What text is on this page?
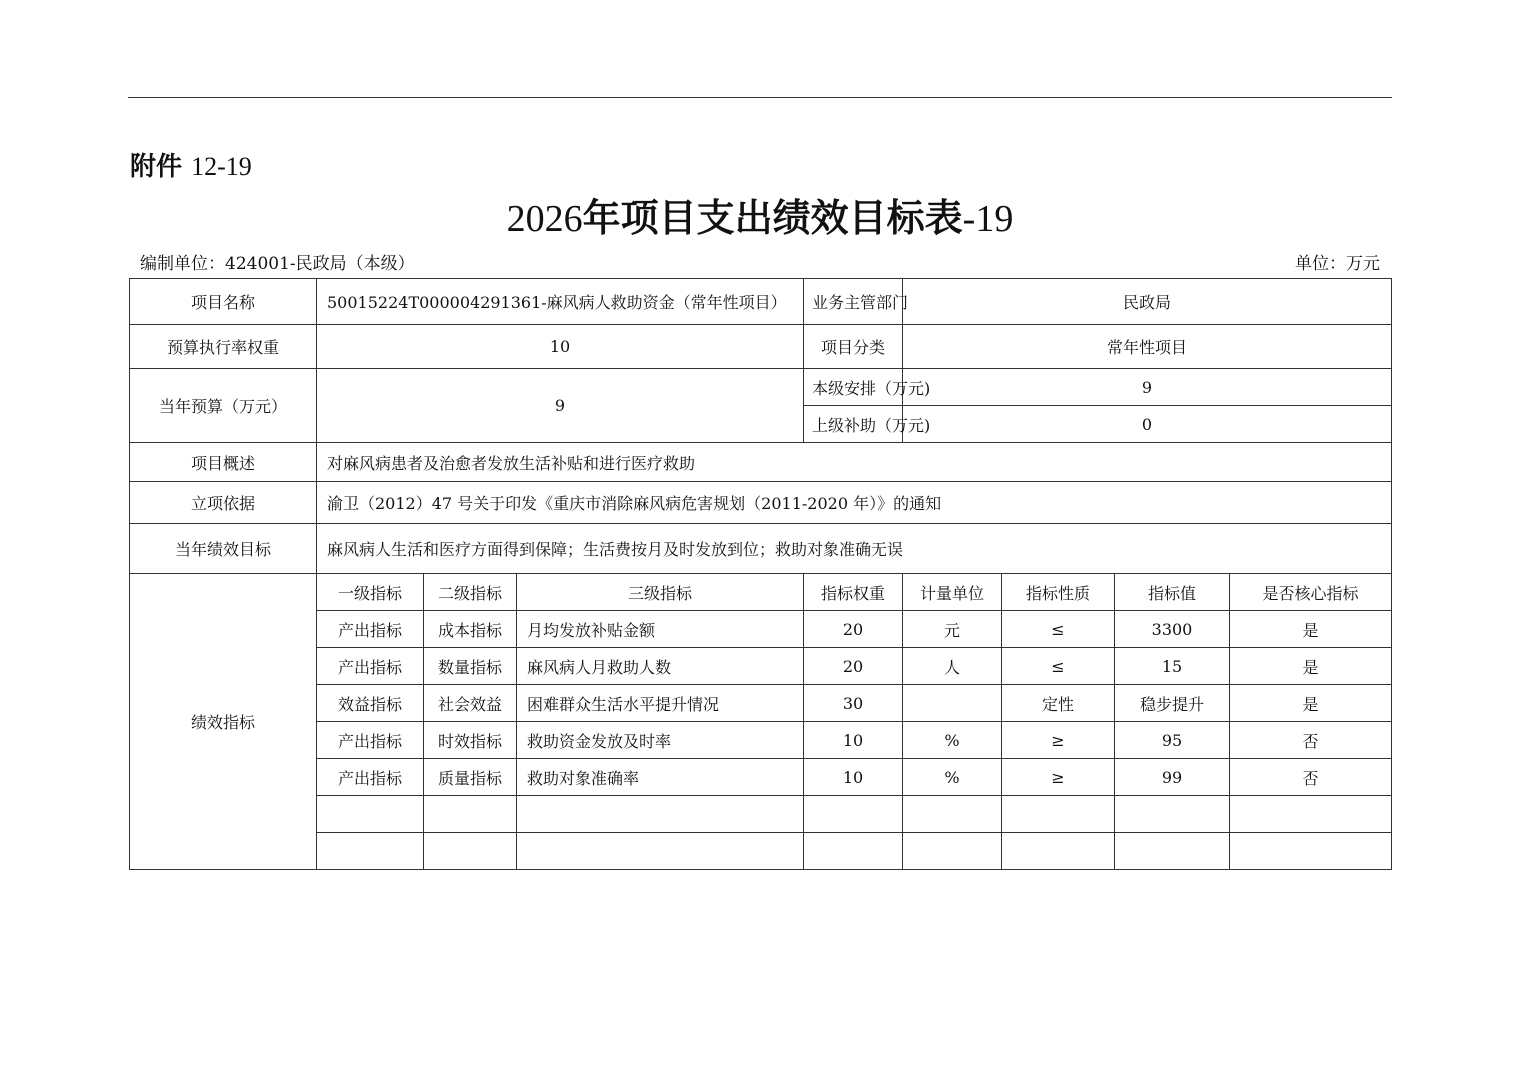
附件 12-19
2026年项目支出绩效目标表-19
编制单位：424001-民政局（本级）	单位：万元
项目名称	50015224T000004291361-麻风病人救助资金（常年性项目）			业务主管部门	民政局			
预算执行率权重	10			项目分类	常年性项目			
当年预算（万元）	9			本级安排（万元)	9			
				上级补助（万元)	0			
项目概述	对麻风病患者及治愈者发放生活补贴和进行医疗救助							
立项依据	渝卫（2012）47 号关于印发《重庆市消除麻风病危害规划（2011-2020 年）》的通知							
当年绩效目标	麻风病人生活和医疗方面得到保障；生活费按月及时发放到位；救助对象准确无误							
绩效指标	一级指标	二级指标	三级指标	指标权重	计量单位	指标性质	指标值	是否核心指标
	产出指标	成本指标	月均发放补贴金额	20	元	≤	3300	是
	产出指标	数量指标	麻风病人月救助人数	20	人	≤	15	是
	效益指标	社会效益	困难群众生活水平提升情况	30		定性	稳步提升	是
	产出指标	时效指标	救助资金发放及时率	10	%	≥	95	否
	产出指标	质量指标	救助对象准确率	10	%	≥	99	否
